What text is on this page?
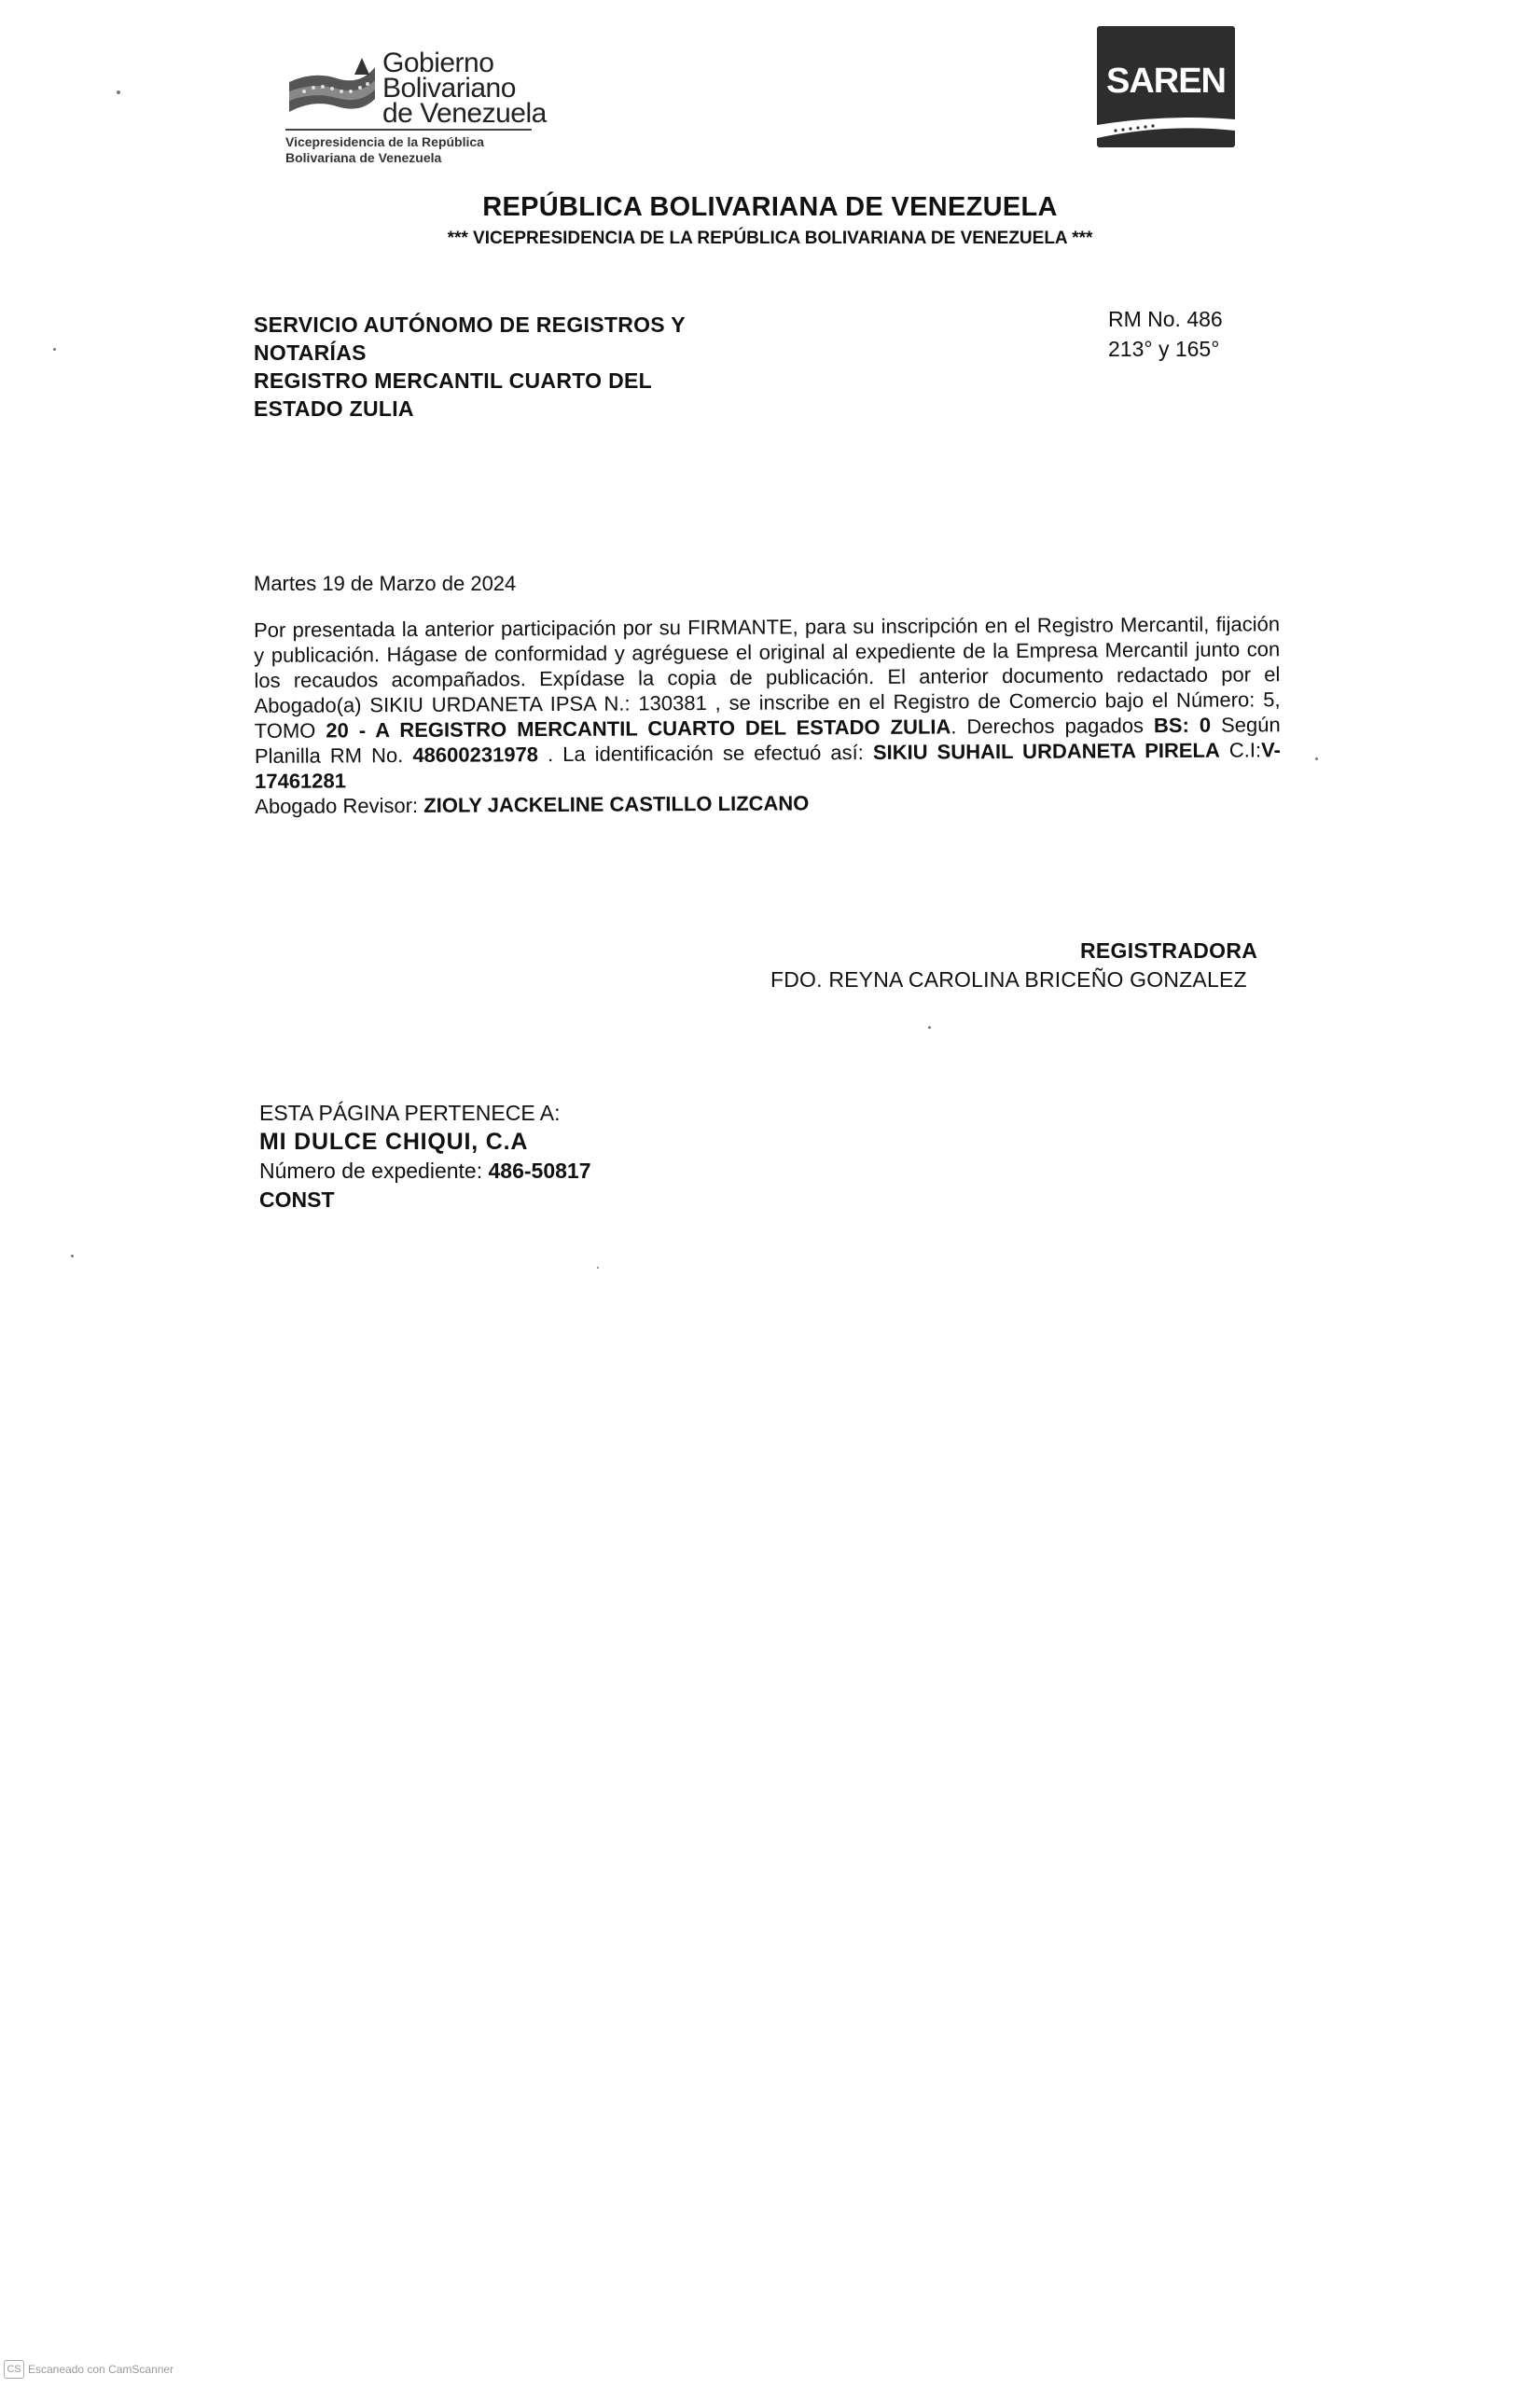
Gobierno
Bolivariano
de Venezuela
Vicepresidencia de la República
Bolivariana de Venezuela
SAREN
REPÚBLICA BOLIVARIANA DE VENEZUELA
*** VICEPRESIDENCIA DE LA REPÚBLICA BOLIVARIANA DE VENEZUELA ***
SERVICIO AUTÓNOMO DE REGISTROS Y
NOTARÍAS
REGISTRO MERCANTIL CUARTO DEL
ESTADO ZULIA
RM No. 486
213° y 165°
Martes 19 de Marzo de 2024

Por presentada la anterior participación por su FIRMANTE, para su inscripción en el Registro Mercantil, fijación y publicación. Hágase de conformidad y agréguese el original al expediente de la Empresa Mercantil junto con los recaudos acompañados. Expídase la copia de publicación. El anterior documento redactado por el Abogado(a) SIKIU URDANETA IPSA N.: 130381 , se inscribe en el Registro de Comercio bajo el Número: 5, TOMO 20 - A REGISTRO MERCANTIL CUARTO DEL ESTADO ZULIA. Derechos pagados BS: 0 Según Planilla RM No. 48600231978 . La identificación se efectuó así: SIKIU SUHAIL URDANETA PIRELA C.I:V-17461281

Abogado Revisor: ZIOLY JACKELINE CASTILLO LIZCANO

REGISTRADORA
FDO. REYNA CAROLINA BRICEÑO GONZALEZ
ESTA PÁGINA PERTENECE A:
MI DULCE CHIQUI, C.A
Número de expediente: 486-50817
CONST
CS Escaneado con CamScanner
